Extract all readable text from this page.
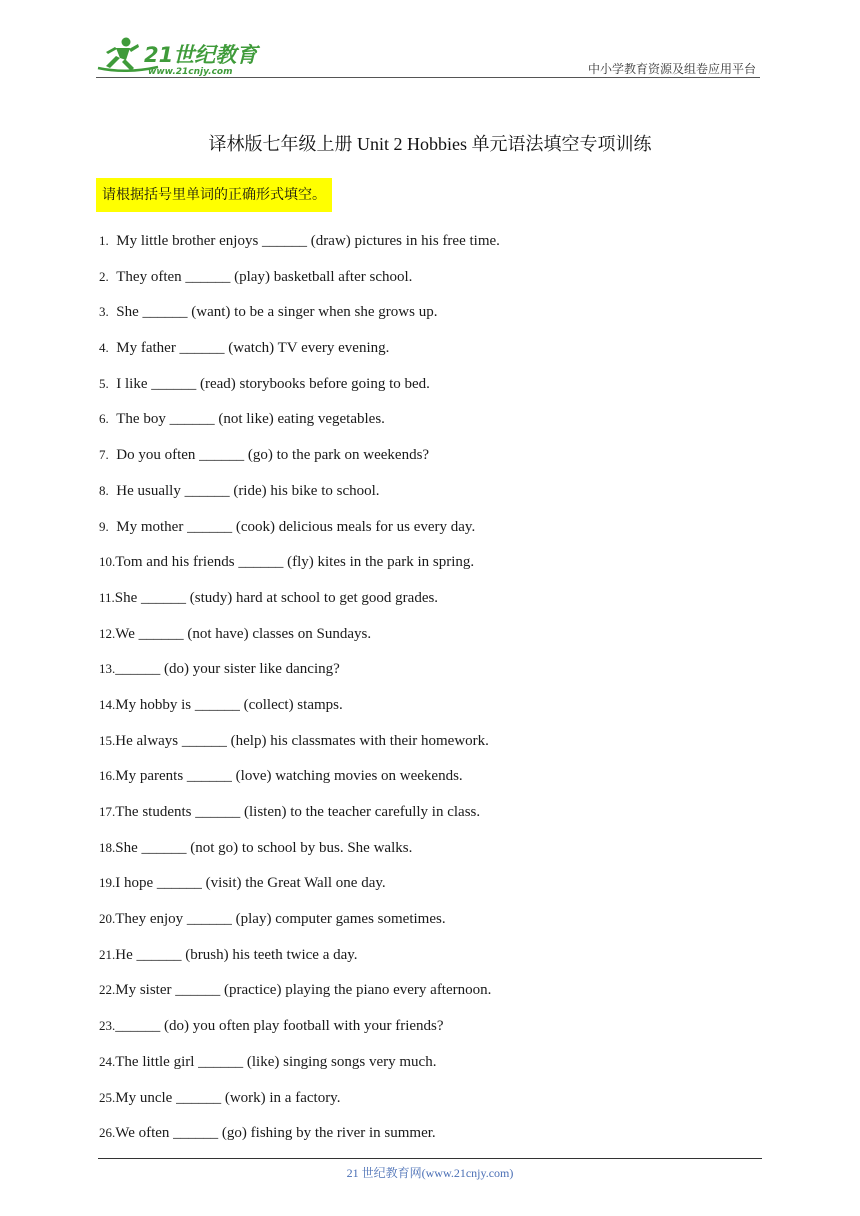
21世纪教育
www.21cnjy.com	中小学教育资源及组卷应用平台
译林版七年级上册 Unit 2 Hobbies 单元语法填空专项训练
请根据括号里单词的正确形式填空。
1. My little brother enjoys ______ (draw) pictures in his free time.
2. They often ______ (play) basketball after school.
3. She ______ (want) to be a singer when she grows up.
4. My father ______ (watch) TV every evening.
5. I like ______ (read) storybooks before going to bed.
6. The boy ______ (not like) eating vegetables.
7. Do you often ______ (go) to the park on weekends?
8. He usually ______ (ride) his bike to school.
9. My mother ______ (cook) delicious meals for us every day.
10.Tom and his friends ______ (fly) kites in the park in spring.
11.She ______ (study) hard at school to get good grades.
12.We ______ (not have) classes on Sundays.
13.______ (do) your sister like dancing?
14.My hobby is ______ (collect) stamps.
15.He always ______ (help) his classmates with their homework.
16.My parents ______ (love) watching movies on weekends.
17.The students ______ (listen) to the teacher carefully in class.
18.She ______ (not go) to school by bus. She walks.
19.I hope ______ (visit) the Great Wall one day.
20.They enjoy ______ (play) computer games sometimes.
21.He ______ (brush) his teeth twice a day.
22.My sister ______ (practice) playing the piano every afternoon.
23.______ (do) you often play football with your friends?
24.The little girl ______ (like) singing songs very much.
25.My uncle ______ (work) in a factory.
26.We often ______ (go) fishing by the river in summer.
21 世纪教育网(www.21cnjy.com)
